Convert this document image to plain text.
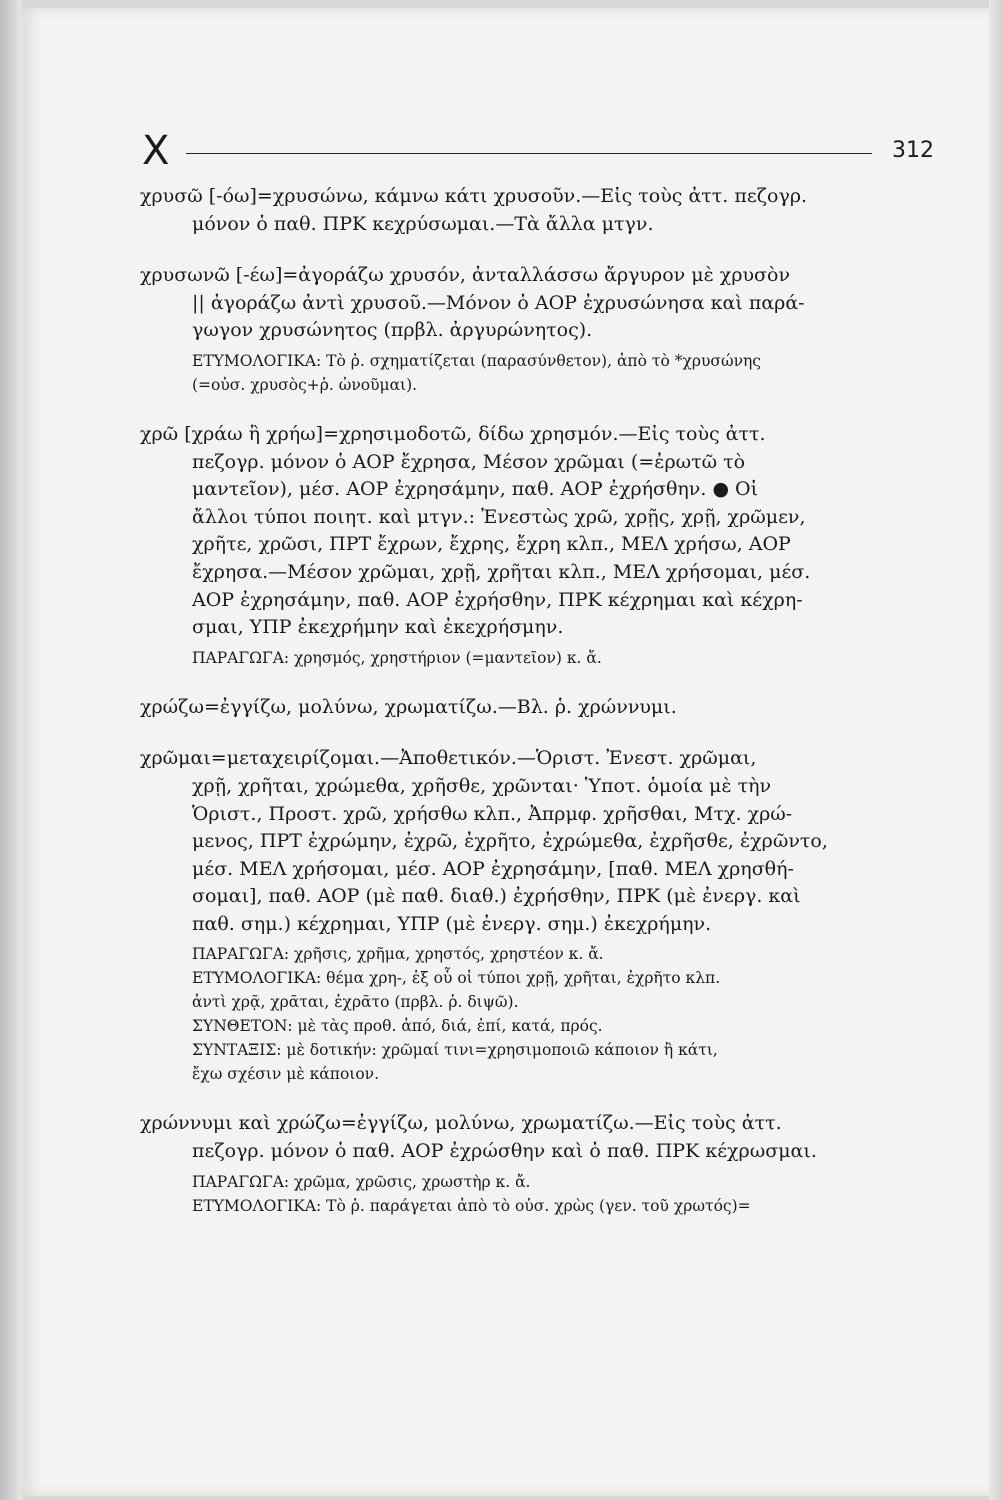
Χ	312
χρυσῶ [-όω]=χρυσώνω, κάμνω κάτι χρυσοῦν.—Εἰς τοὺς ἀττ. πεζογρ.
μόνον ὁ παθ. ΠΡΚ κεχρύσωμαι.—Τὰ ἄλλα μτγν.
χρυσωνῶ [-έω]=ἀγοράζω χρυσόν, ἀνταλλάσσω ἄργυρον μὲ χρυσὸν
|| ἀγοράζω ἀντὶ χρυσοῦ.—Μόνον ὁ ΑΟΡ ἐχρυσώνησα καὶ παρά-
γωγον χρυσώνητος (πρβλ. ἀργυρώνητος).
ΕΤΥΜΟΛΟΓΙΚΑ: Τὸ ῥ. σχηματίζεται (παρασύνθετον), ἀπὸ τὸ *χρυσώνης
(=οὐσ. χρυσὸς+ῥ. ὠνοῦμαι).
χρῶ [χράω ἢ χρήω]=χρησιμοδοτῶ, δίδω χρησμόν.—Εἰς τοὺς ἀττ.
πεζογρ. μόνον ὁ ΑΟΡ ἔχρησα, Μέσον χρῶμαι (=ἐρωτῶ τὸ
μαντεῖον), μέσ. ΑΟΡ ἐχρησάμην, παθ. ΑΟΡ ἐχρήσθην. ● Οἱ
ἄλλοι τύποι ποιητ. καὶ μτγν.: Ἐνεστὼς χρῶ, χρῇς, χρῇ, χρῶμεν,
χρῆτε, χρῶσι, ΠΡΤ ἔχρων, ἔχρης, ἔχρη κλπ., ΜΕΛ χρήσω, ΑΟΡ
ἔχρησα.—Μέσον χρῶμαι, χρῇ, χρῆται κλπ., ΜΕΛ χρήσομαι, μέσ.
ΑΟΡ ἐχρησάμην, παθ. ΑΟΡ ἐχρήσθην, ΠΡΚ κέχρημαι καὶ κέχρη-
σμαι, ΥΠΡ ἐκεχρήμην καὶ ἐκεχρήσμην.
ΠΑΡΑΓΩΓΑ: χρησμός, χρηστήριον (=μαντεῖον) κ. ἄ.
χρώζω=ἐγγίζω, μολύνω, χρωματίζω.—Βλ. ῥ. χρώννυμι.
χρῶμαι=μεταχειρίζομαι.—Ἀποθετικόν.—Ὁριστ. Ἐνεστ. χρῶμαι,
χρῇ, χρῆται, χρώμεθα, χρῆσθε, χρῶνται· Ὑποτ. ὁμοία μὲ τὴν
Ὁριστ., Προστ. χρῶ, χρήσθω κλπ., Ἀπρμφ. χρῆσθαι, Μτχ. χρώ-
μενος, ΠΡΤ ἐχρώμην, ἐχρῶ, ἐχρῆτο, ἐχρώμεθα, ἐχρῆσθε, ἐχρῶντο,
μέσ. ΜΕΛ χρήσομαι, μέσ. ΑΟΡ ἐχρησάμην, [παθ. ΜΕΛ χρησθή-
σομαι], παθ. ΑΟΡ (μὲ παθ. διαθ.) ἐχρήσθην, ΠΡΚ (μὲ ἐνεργ. καὶ
παθ. σημ.) κέχρημαι, ΥΠΡ (μὲ ἐνεργ. σημ.) ἐκεχρήμην.
ΠΑΡΑΓΩΓΑ: χρῆσις, χρῆμα, χρηστός, χρηστέον κ. ἄ.
ΕΤΥΜΟΛΟΓΙΚΑ: θέμα χρη-, ἐξ οὗ οἱ τύποι χρῇ, χρῆται, ἐχρῆτο κλπ.
ἀντὶ χρᾷ, χρᾶται, ἐχρᾶτο (πρβλ. ῥ. διψῶ).
ΣΥΝΘΕΤΟΝ: μὲ τὰς προθ. ἀπό, διά, ἐπί, κατά, πρός.
ΣΥΝΤΑΞΙΣ: μὲ δοτικήν: χρῶμαί τινι=χρησιμοποιῶ κάποιον ἢ κάτι,
ἔχω σχέσιν μὲ κάποιον.
χρώννυμι καὶ χρώζω=ἐγγίζω, μολύνω, χρωματίζω.—Εἰς τοὺς ἀττ.
πεζογρ. μόνον ὁ παθ. ΑΟΡ ἐχρώσθην καὶ ὁ παθ. ΠΡΚ κέχρωσμαι.
ΠΑΡΑΓΩΓΑ: χρῶμα, χρῶσις, χρωστὴρ κ. ἄ.
ΕΤΥΜΟΛΟΓΙΚΑ: Τὸ ῥ. παράγεται ἀπὸ τὸ οὐσ. χρὼς (γεν. τοῦ χρωτός)=
